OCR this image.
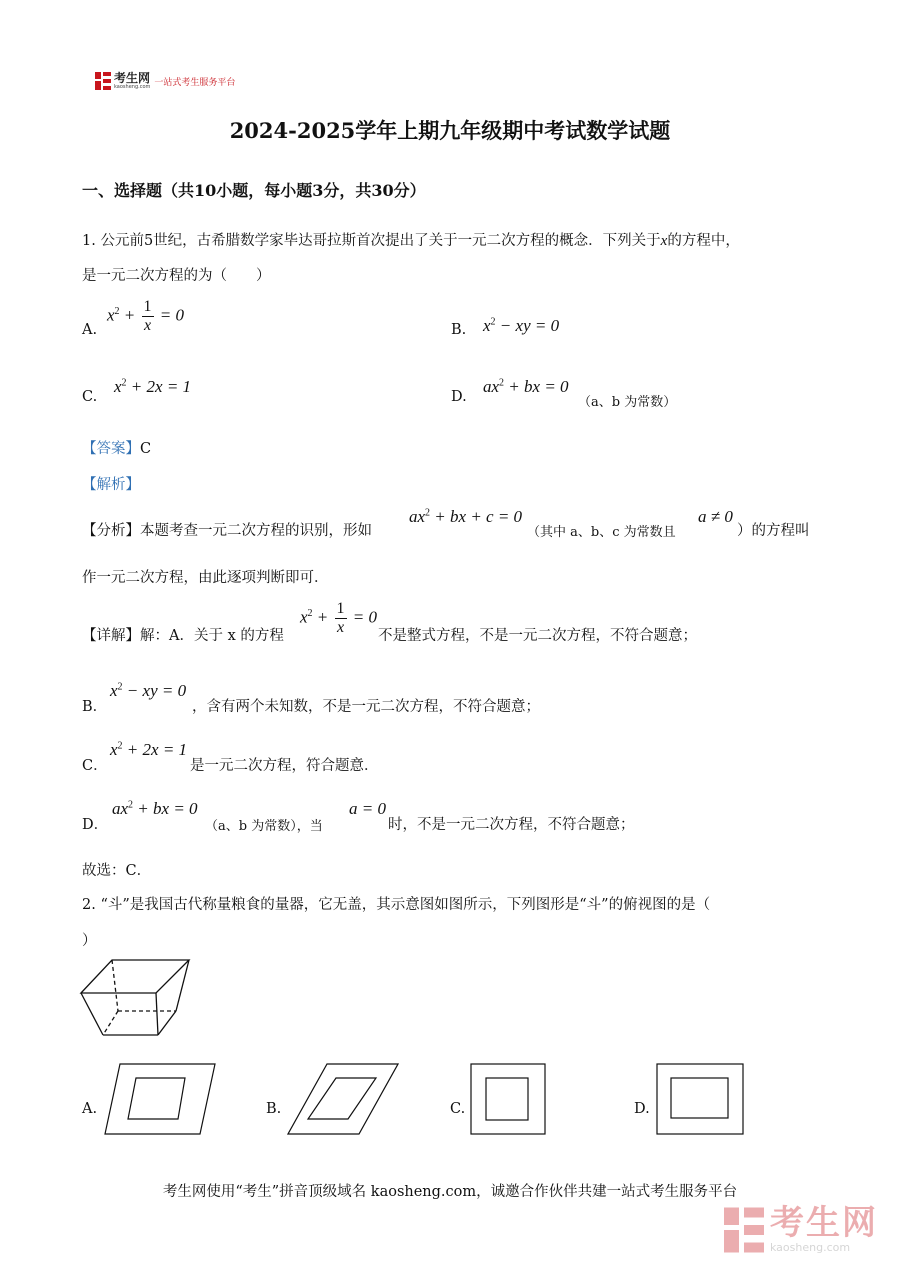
考生网
kaosheng.com 一站式考生服务平台
2024-2025学年上期九年级期中考试数学试题
一、选择题（共10小题，每小题3分，共30分）
1. 公元前5世纪，古希腊数学家毕达哥拉斯首次提出了关于一元二次方程的概念．下列关于x的方程中，
是一元二次方程的为（　　）
A.
$x^2 + \frac{1}{x} = 0$
B. $x^2$ − xy = 0
C.
$x^2 + 2x = 1$
D.
$ax^2$ + bx = 0
（a、b 为常数）
【答案】C
【解析】
【分析】本题考查一元二次方程的识别，形如
$ax^2$ + bx + c = 0
（其中 a、b、c 为常数且
a ≠ 0
）的方程叫
作一元二次方程，由此逐项判断即可．
【详解】解：A．关于 x 的方程
$x^2 + \frac{1}{x} = 0$
不是整式方程，不是一元二次方程，不符合题意；
B．
$x^2$ − xy = 0
，含有两个未知数，不是一元二次方程，不符合题意；
C．
$x^2 + 2x = 1$
是一元二次方程，符合题意．
D．
$ax^2$ + bx = 0
（a、b 为常数），当
a = 0
时，不是一元二次方程，不符合题意；
故选：C．
2. “斗”是我国古代称量粮食的量器，它无盖，其示意图如图所示，下列图形是“斗”的俯视图的是（
）
A.	B.	C.	D.
考生网使用“考生”拼音顶级域名 kaosheng.com，诚邀合作伙伴共建一站式考生服务平台
考生网
kaosheng.com
